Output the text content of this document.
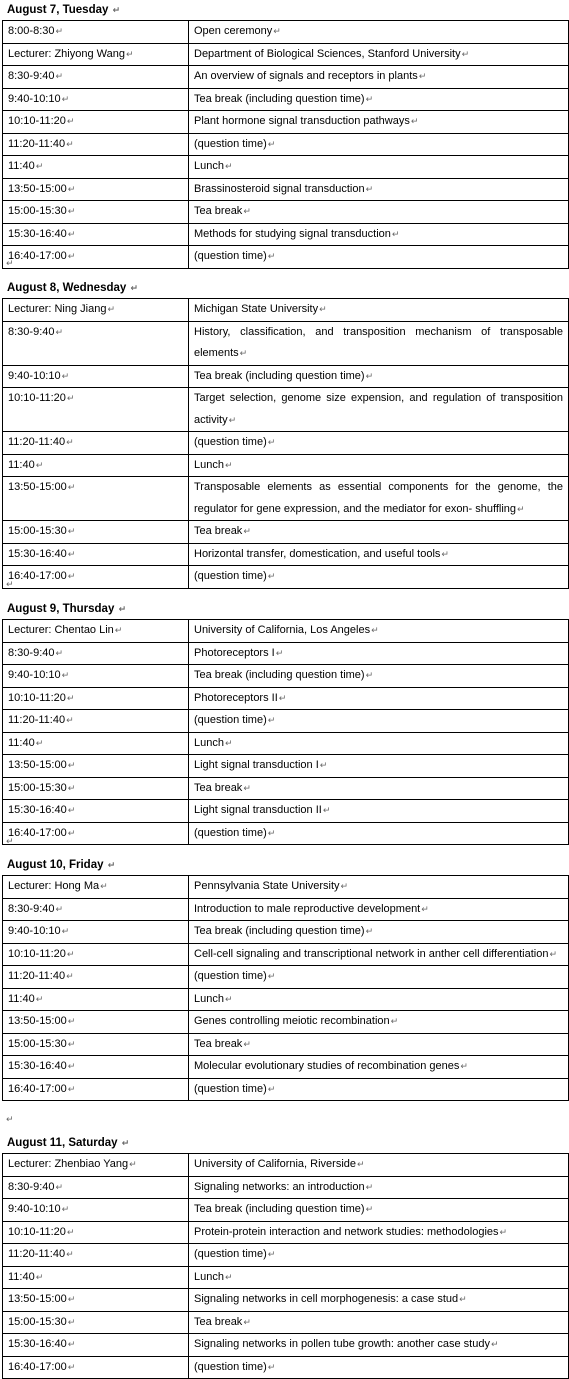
August 7, Tuesday ↵
8:00-8:30↵	Open ceremony↵
Lecturer: Zhiyong Wang↵	Department of Biological Sciences, Stanford University↵
8:30-9:40↵	An overview of signals and receptors in plants↵
9:40-10:10↵	Tea break (including question time)↵
10:10-11:20↵	Plant hormone signal transduction pathways↵
11:20-11:40↵	(question time)↵
11:40↵	Lunch↵
13:50-15:00↵	Brassinosteroid signal transduction↵
15:00-15:30↵	Tea break↵
15:30-16:40↵	Methods for studying signal transduction↵
16:40-17:00↵	(question time)↵
↵
August 8, Wednesday ↵
Lecturer: Ning Jiang↵	Michigan State University↵
8:30-9:40↵	History, classification, and transposition mechanism of transposable elements↵
9:40-10:10↵	Tea break (including question time)↵
10:10-11:20↵	Target selection, genome size expension, and regulation of transposition activity↵
11:20-11:40↵	(question time)↵
11:40↵	Lunch↵
13:50-15:00↵	Transposable elements as essential components for the genome, the regulator for gene expression, and the mediator for exon- shuffling↵
15:00-15:30↵	Tea break↵
15:30-16:40↵	Horizontal transfer, domestication, and useful tools↵
16:40-17:00↵	(question time)↵
↵
August 9, Thursday ↵
Lecturer: Chentao Lin↵	University of California, Los Angeles↵
8:30-9:40↵	Photoreceptors I↵
9:40-10:10↵	Tea break (including question time)↵
10:10-11:20↵	Photoreceptors II↵
11:20-11:40↵	(question time)↵
11:40↵	Lunch↵
13:50-15:00↵	Light signal transduction I↵
15:00-15:30↵	Tea break↵
15:30-16:40↵	Light signal transduction II↵
16:40-17:00↵	(question time)↵
↵
August 10, Friday ↵
Lecturer: Hong Ma↵	Pennsylvania State University↵
8:30-9:40↵	Introduction to male reproductive development↵
9:40-10:10↵	Tea break (including question time)↵
10:10-11:20↵	Cell-cell signaling and transcriptional network in anther cell differentiation↵
11:20-11:40↵	(question time)↵
11:40↵	Lunch↵
13:50-15:00↵	Genes controlling meiotic recombination↵
15:00-15:30↵	Tea break↵
15:30-16:40↵	Molecular evolutionary studies of recombination genes↵
16:40-17:00↵	(question time)↵
↵
August 11, Saturday ↵
Lecturer: Zhenbiao Yang↵	University of California, Riverside↵
8:30-9:40↵	Signaling networks: an introduction↵
9:40-10:10↵	Tea break (including question time)↵
10:10-11:20↵	Protein-protein interaction and network studies: methodologies↵
11:20-11:40↵	(question time)↵
11:40↵	Lunch↵
13:50-15:00↵	Signaling networks in cell morphogenesis: a case stud↵
15:00-15:30↵	Tea break↵
15:30-16:40↵	Signaling networks in pollen tube growth: another case study↵
16:40-17:00↵	(question time)↵
